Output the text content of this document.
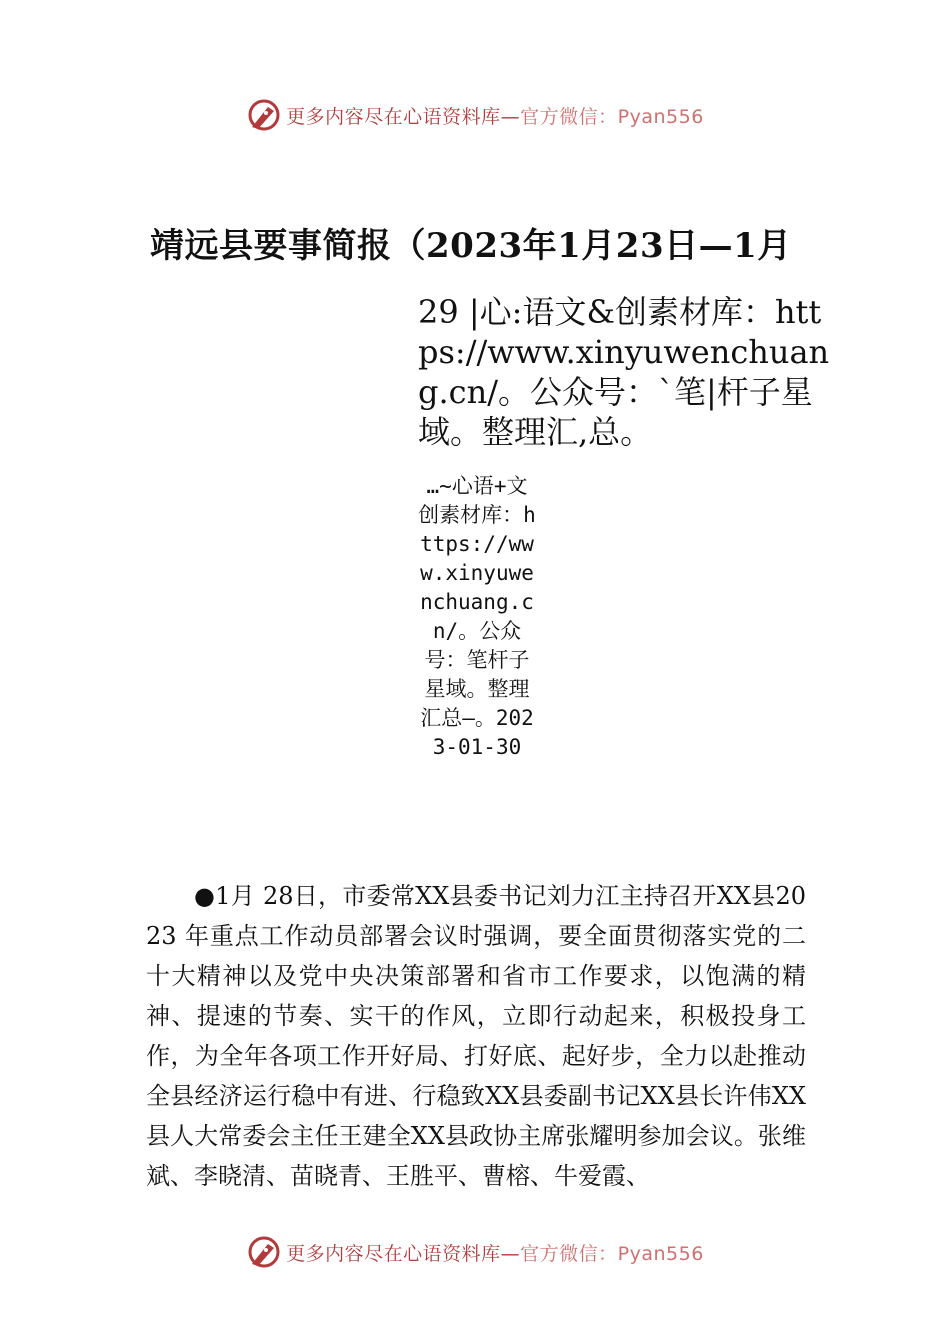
更多内容尽在心语资料库—官方微信：Pyan556
靖远县要事简报（2023年1月23日—1月
29 |心:语文&创素材库：https://www.xinyuwenchuang.cn/。公众号：`笔|杆子星域。整理汇,总。
…~心语+文创素材库：https://www.xinyuwenchuang.cn/。公众号：笔杆子星域。整理汇总—。2023-01-30
●1月 28日，市委常XX县委书记刘力江主持召开XX县2023 年重点工作动员部署会议时强调，要全面贯彻落实党的二十大精神以及党中央决策部署和省市工作要求，以饱满的精神、提速的节奏、实干的作风，立即行动起来，积极投身工作，为全年各项工作开好局、打好底、起好步，全力以赴推动全县经济运行稳中有进、行稳致XX县委副书记XX县长许伟XX县人大常委会主任王建全XX县政协主席张耀明参加会议。张维斌、李晓清、苗晓青、王胜平、曹榕、牛爱霞、
更多内容尽在心语资料库—官方微信：Pyan556
